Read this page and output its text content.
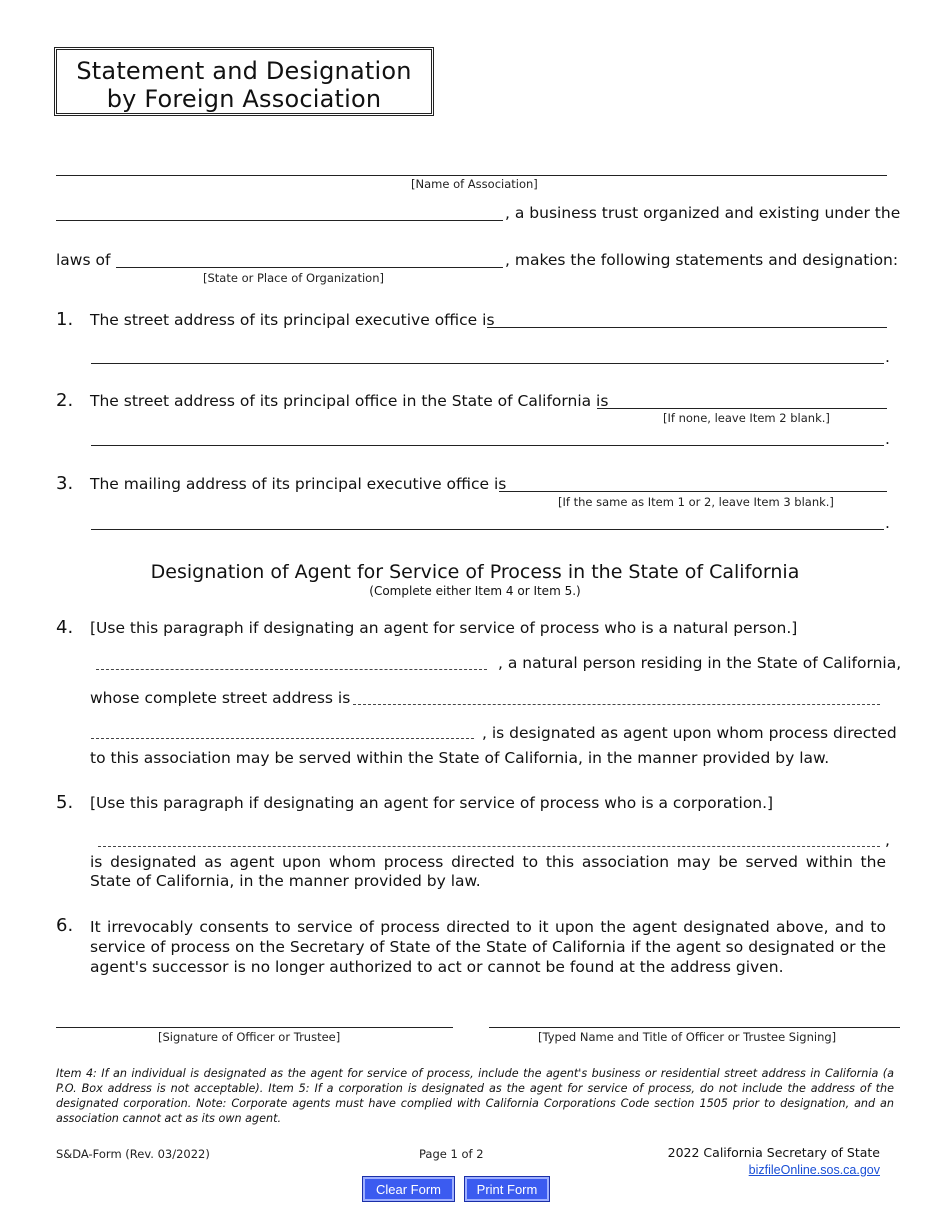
Statement and Designation
by Foreign Association
[Name of Association]
, a business trust organized and existing under the
laws of	, makes the following statements and designation:
[State or Place of Organization]
1. The street address of its principal executive office is
.
2. The street address of its principal office in the State of California is
[If none, leave Item 2 blank.]
.
3. The mailing address of its principal executive office is
[If the same as Item 1 or 2, leave Item 3 blank.]
.
Designation of Agent for Service of Process in the State of California
(Complete either Item 4 or Item 5.)
4. [Use this paragraph if designating an agent for service of process who is a natural person.]
, a natural person residing in the State of California,
whose complete street address is
, is designated as agent upon whom process directed
to this association may be served within the State of California, in the manner provided by law.
5. [Use this paragraph if designating an agent for service of process who is a corporation.]
,
is designated as agent upon whom process directed to this association may be served within the State of California, in the manner provided by law.
6. It irrevocably consents to service of process directed to it upon the agent designated above, and to service of process on the Secretary of State of the State of California if the agent so designated or the agent's successor is no longer authorized to act or cannot be found at the address given.
[Signature of Officer or Trustee]	[Typed Name and Title of Officer or Trustee Signing]
Item 4: If an individual is designated as the agent for service of process, include the agent's business or residential street address in California (a P.O. Box address is not acceptable). Item 5: If a corporation is designated as the agent for service of process, do not include the address of the designated corporation. Note: Corporate agents must have complied with California Corporations Code section 1505 prior to designation, and an association cannot act as its own agent.
S&DA-Form (Rev. 03/2022)	Page 1 of 2	2022 California Secretary of State
bizfileOnline.sos.ca.gov
Clear Form	Print Form
